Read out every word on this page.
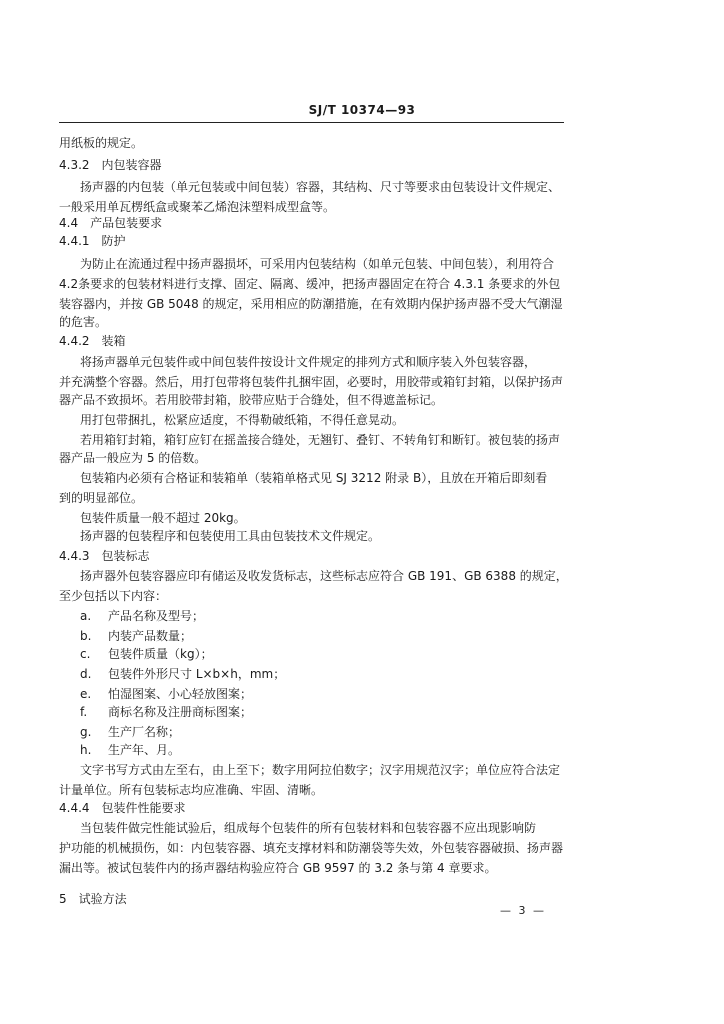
SJ/T 10374—93
用纸板的规定。
4.3.2　内包装容器
扬声器的内包装（单元包装或中间包装）容器，其结构、尺寸等要求由包装设计文件规定、
一般采用单瓦楞纸盒或聚苯乙烯泡沫塑料成型盒等。
4.4　产品包装要求
4.4.1　防护
为防止在流通过程中扬声器损坏，可采用内包装结构（如单元包装、中间包装），利用符合
4.2条要求的包装材料进行支撑、固定、隔离、缓冲，把扬声器固定在符合 4.3.1 条要求的外包
装容器内，并按 GB 5048 的规定，采用相应的防潮措施，在有效期内保护扬声器不受大气潮湿
的危害。
4.4.2　装箱
将扬声器单元包装件或中间包装件按设计文件规定的排列方式和顺序装入外包装容器，
并充满整个容器。然后，用打包带将包装件扎捆牢固，必要时，用胶带或箱钉封箱，以保护扬声
器产品不致损坏。若用胶带封箱，胶带应贴于合缝处，但不得遮盖标记。
用打包带捆扎，松紧应适度，不得勒破纸箱，不得任意晃动。
若用箱钉封箱，箱钉应钉在摇盖接合缝处，无翘钉、叠钉、不转角钉和断钉。被包装的扬声
器产品一般应为 5 的倍数。
包装箱内必须有合格证和装箱单（装箱单格式见 SJ 3212 附录 B），且放在开箱后即刻看
到的明显部位。
包装件质量一般不超过 20kg。
扬声器的包装程序和包装使用工具由包装技术文件规定。
4.4.3　包装标志
扬声器外包装容器应印有储运及收发货标志，这些标志应符合 GB 191、GB 6388 的规定，
至少包括以下内容：
a. 产品名称及型号；
b. 内装产品数量；
c. 包装件质量（kg）；
d. 包装件外形尺寸 L×b×h，mm；
e. 怕湿图案、小心轻放图案；
f. 商标名称及注册商标图案；
g. 生产厂名称；
h. 生产年、月。
文字书写方式由左至右，由上至下；数字用阿拉伯数字；汉字用规范汉字；单位应符合法定
计量单位。所有包装标志均应准确、牢固、清晰。
4.4.4　包装件性能要求
当包装件做完性能试验后，组成每个包装件的所有包装材料和包装容器不应出现影响防
护功能的机械损伤，如：内包装容器、填充支撑材料和防潮袋等失效，外包装容器破损、扬声器
漏出等。被试包装件内的扬声器结构验应符合 GB 9597 的 3.2 条与第 4 章要求。
5　试验方法
— 3 —
